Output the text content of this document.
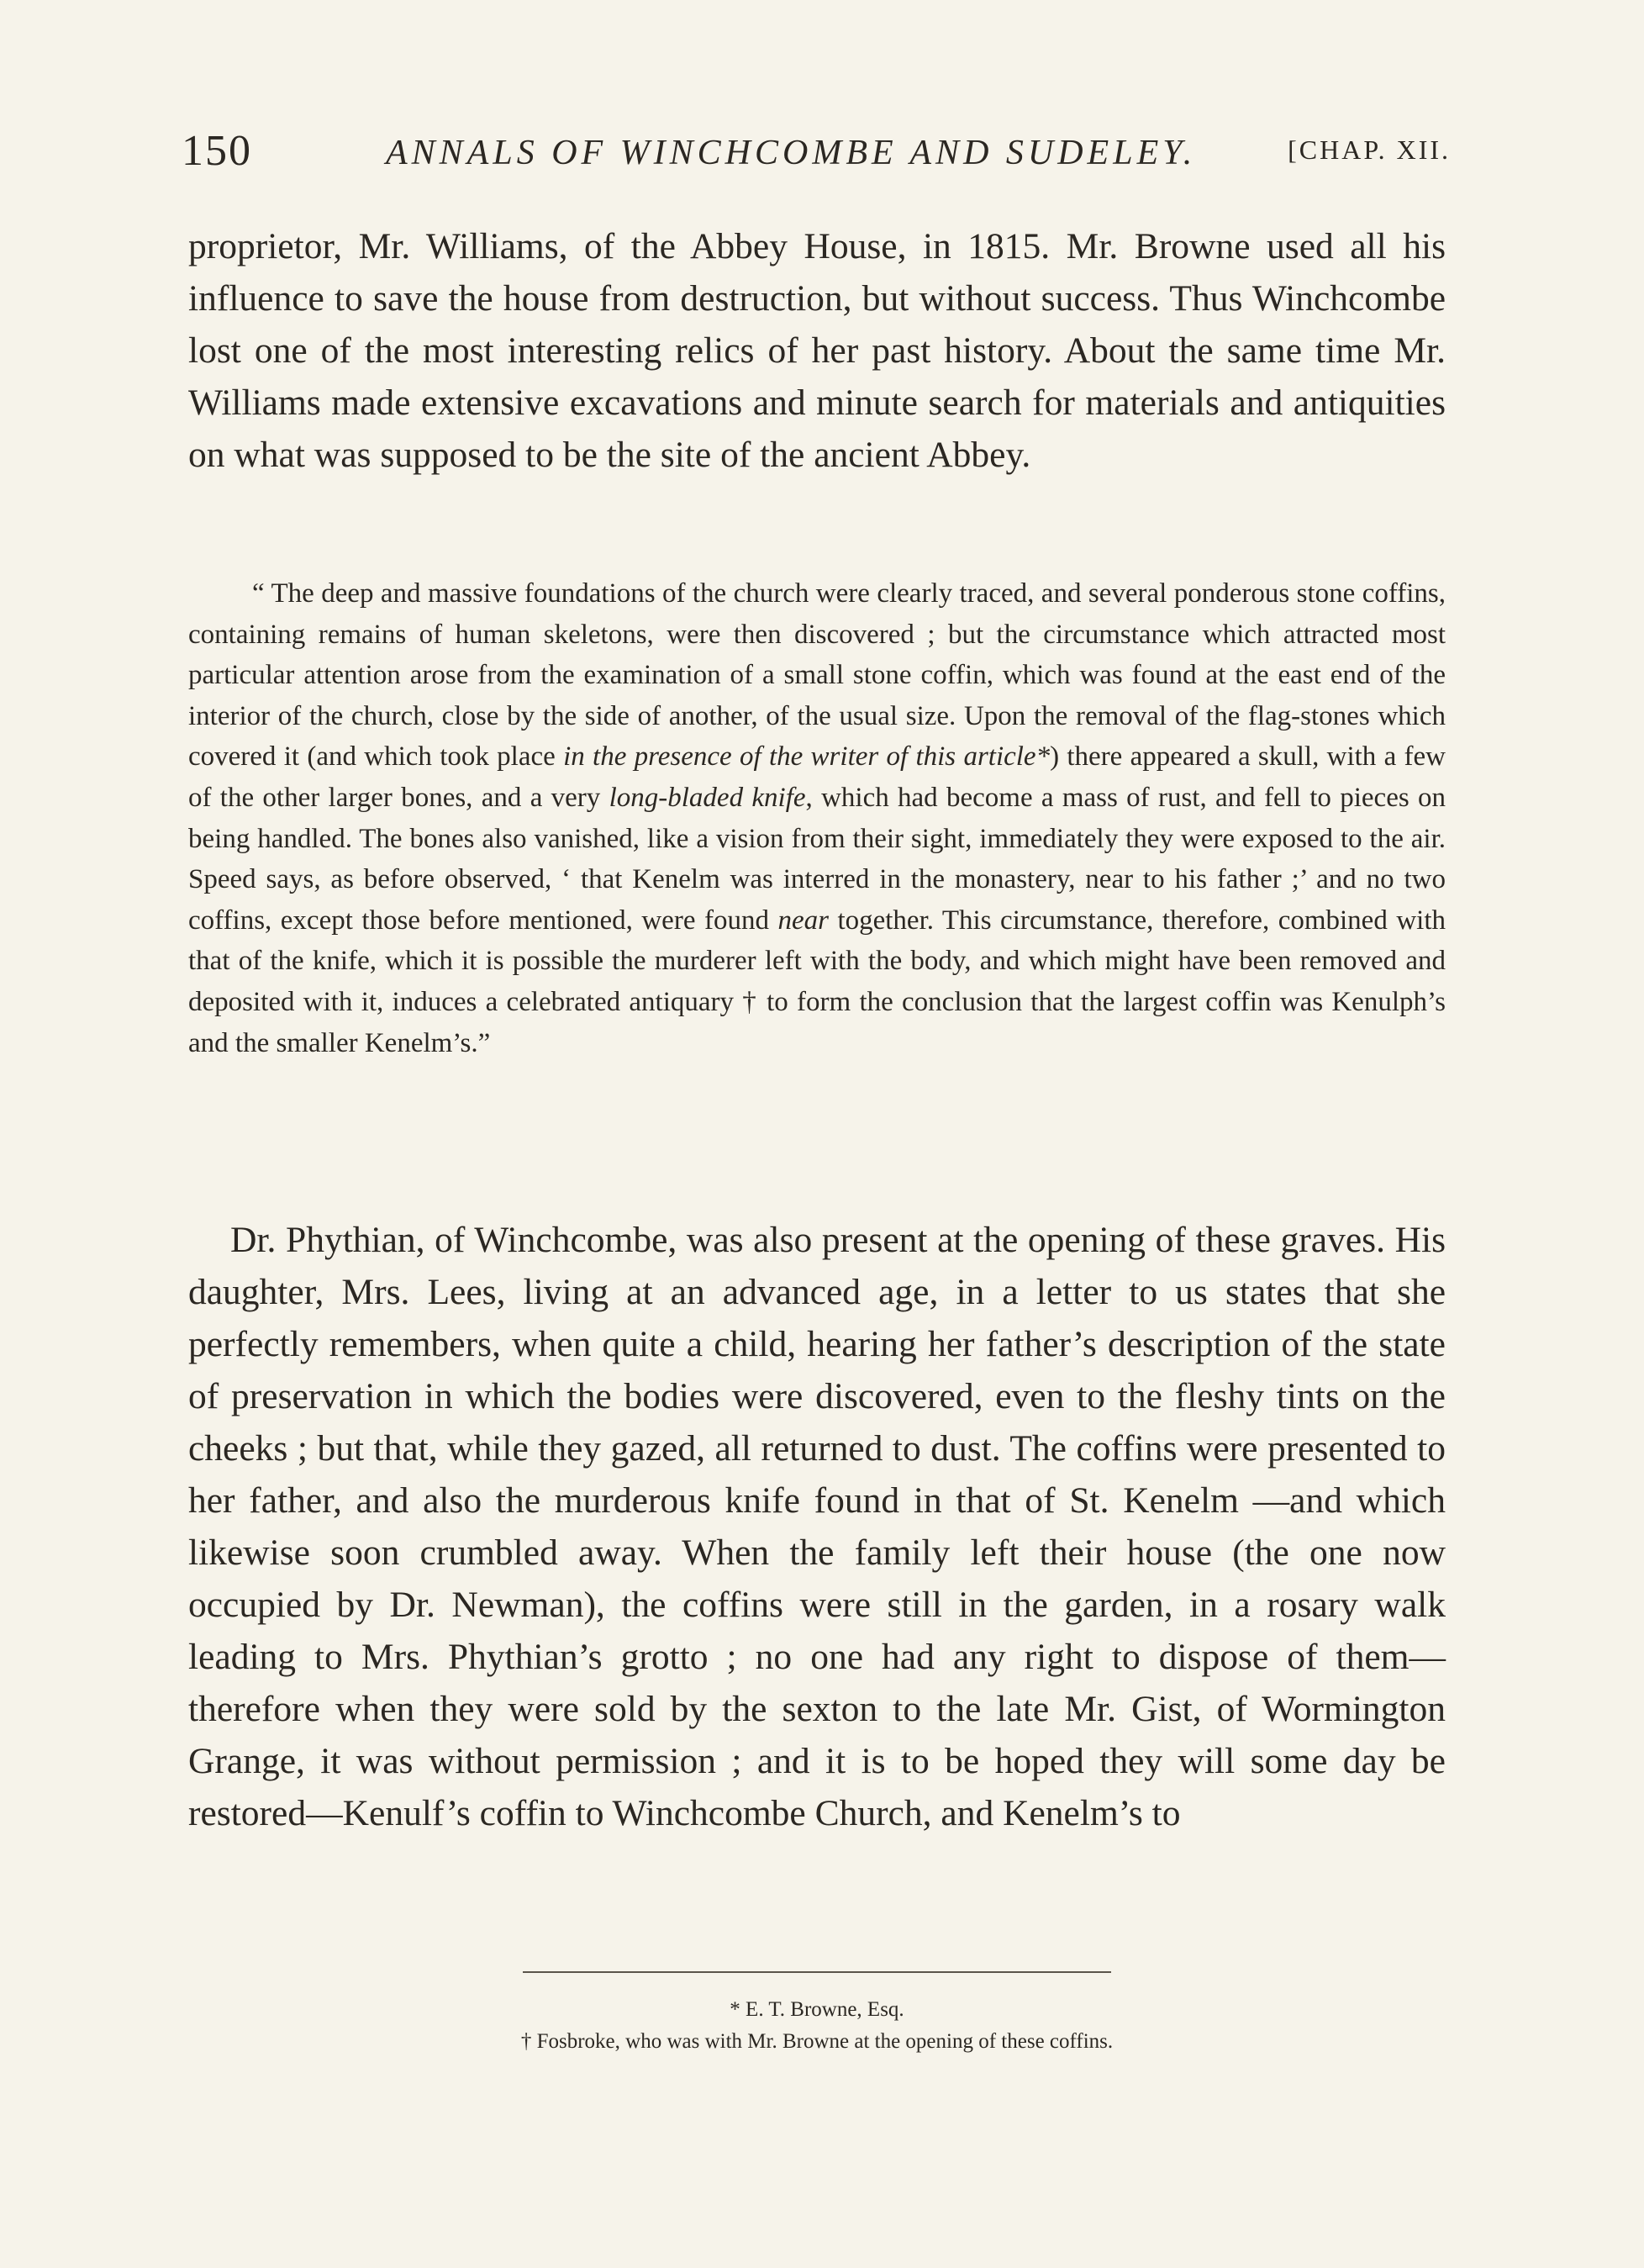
150	ANNALS OF WINCHCOMBE AND SUDELEY.	[CHAP. XII.

proprietor, Mr. Williams, of the Abbey House, in 1815. Mr. Browne used all his influence to save the house from destruction, but without success. Thus Winchcombe lost one of the most interesting relics of her past history. About the same time Mr. Williams made extensive excavations and minute search for materials and antiquities on what was supposed to be the site of the ancient Abbey.

“ The deep and massive foundations of the church were clearly traced, and several ponderous stone coffins, containing remains of human skeletons, were then discovered ; but the circumstance which attracted most particular attention arose from the examination of a small stone coffin, which was found at the east end of the interior of the church, close by the side of another, of the usual size. Upon the removal of the flag-stones which covered it (and which took place in the presence of the writer of this article*) there appeared a skull, with a few of the other larger bones, and a very long-bladed knife, which had become a mass of rust, and fell to pieces on being handled. The bones also vanished, like a vision from their sight, immediately they were exposed to the air. Speed says, as before observed, ‘ that Kenelm was interred in the monastery, near to his father ;’ and no two coffins, except those before mentioned, were found near together. This circumstance, therefore, combined with that of the knife, which it is possible the murderer left with the body, and which might have been removed and deposited with it, induces a celebrated antiquary † to form the conclusion that the largest coffin was Kenulph’s and the smaller Kenelm’s.”

Dr. Phythian, of Winchcombe, was also present at the opening of these graves. His daughter, Mrs. Lees, living at an advanced age, in a letter to us states that she perfectly remembers, when quite a child, hearing her father’s description of the state of preservation in which the bodies were discovered, even to the fleshy tints on the cheeks ; but that, while they gazed, all returned to dust. The coffins were presented to her father, and also the murderous knife found in that of St. Kenelm —and which likewise soon crumbled away. When the family left their house (the one now occupied by Dr. Newman), the coffins were still in the garden, in a rosary walk leading to Mrs. Phythian’s grotto ; no one had any right to dispose of them—therefore when they were sold by the sexton to the late Mr. Gist, of Wormington Grange, it was without permission ; and it is to be hoped they will some day be restored—Kenulf’s coffin to Winchcombe Church, and Kenelm’s to

* E. T. Browne, Esq.

† Fosbroke, who was with Mr. Browne at the opening of these coffins.
